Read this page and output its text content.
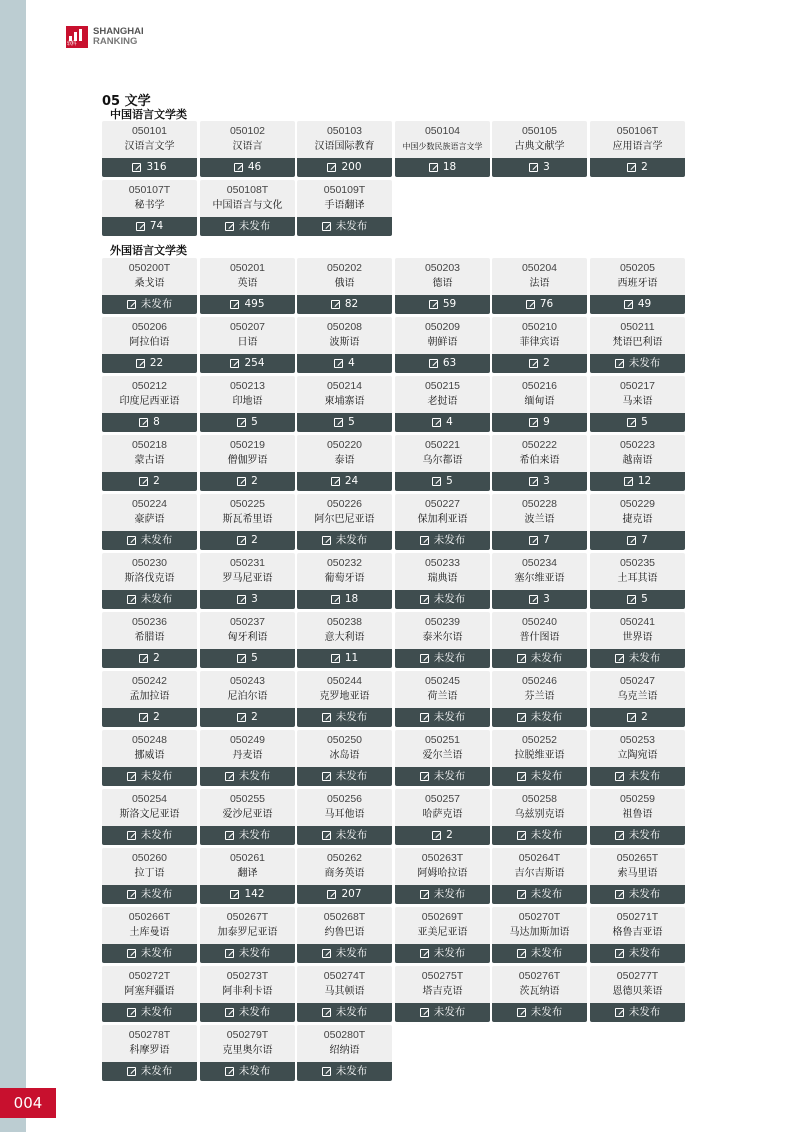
软科
SHANGHAI
RANKING
05 文学
中国语言文学类
050101
汉语言文学
316
050102
汉语言
46
050103
汉语国际教育
200
050104
中国少数民族语言文学
18
050105
古典文献学
3
050106T
应用语言学
2
050107T
秘书学
74
050108T
中国语言与文化
未发布
050109T
手语翻译
未发布
外国语言文学类
050200T
桑戈语
未发布
050201
英语
495
050202
俄语
82
050203
德语
59
050204
法语
76
050205
西班牙语
49
050206
阿拉伯语
22
050207
日语
254
050208
波斯语
4
050209
朝鲜语
63
050210
菲律宾语
2
050211
梵语巴利语
未发布
050212
印度尼西亚语
8
050213
印地语
5
050214
柬埔寨语
5
050215
老挝语
4
050216
缅甸语
9
050217
马来语
5
050218
蒙古语
2
050219
僧伽罗语
2
050220
泰语
24
050221
乌尔都语
5
050222
希伯来语
3
050223
越南语
12
050224
豪萨语
未发布
050225
斯瓦希里语
2
050226
阿尔巴尼亚语
未发布
050227
保加利亚语
未发布
050228
波兰语
7
050229
捷克语
7
050230
斯洛伐克语
未发布
050231
罗马尼亚语
3
050232
葡萄牙语
18
050233
瑞典语
未发布
050234
塞尔维亚语
3
050235
土耳其语
5
050236
希腊语
2
050237
匈牙利语
5
050238
意大利语
11
050239
泰米尔语
未发布
050240
普什图语
未发布
050241
世界语
未发布
050242
孟加拉语
2
050243
尼泊尔语
2
050244
克罗地亚语
未发布
050245
荷兰语
未发布
050246
芬兰语
未发布
050247
乌克兰语
2
050248
挪威语
未发布
050249
丹麦语
未发布
050250
冰岛语
未发布
050251
爱尔兰语
未发布
050252
拉脱维亚语
未发布
050253
立陶宛语
未发布
050254
斯洛文尼亚语
未发布
050255
爱沙尼亚语
未发布
050256
马耳他语
未发布
050257
哈萨克语
2
050258
乌兹别克语
未发布
050259
祖鲁语
未发布
050260
拉丁语
未发布
050261
翻译
142
050262
商务英语
207
050263T
阿姆哈拉语
未发布
050264T
吉尔吉斯语
未发布
050265T
索马里语
未发布
050266T
土库曼语
未发布
050267T
加泰罗尼亚语
未发布
050268T
约鲁巴语
未发布
050269T
亚美尼亚语
未发布
050270T
马达加斯加语
未发布
050271T
格鲁吉亚语
未发布
050272T
阿塞拜疆语
未发布
050273T
阿非利卡语
未发布
050274T
马其顿语
未发布
050275T
塔吉克语
未发布
050276T
茨瓦纳语
未发布
050277T
恩德贝莱语
未发布
050278T
科摩罗语
未发布
050279T
克里奥尔语
未发布
050280T
绍纳语
未发布
004
